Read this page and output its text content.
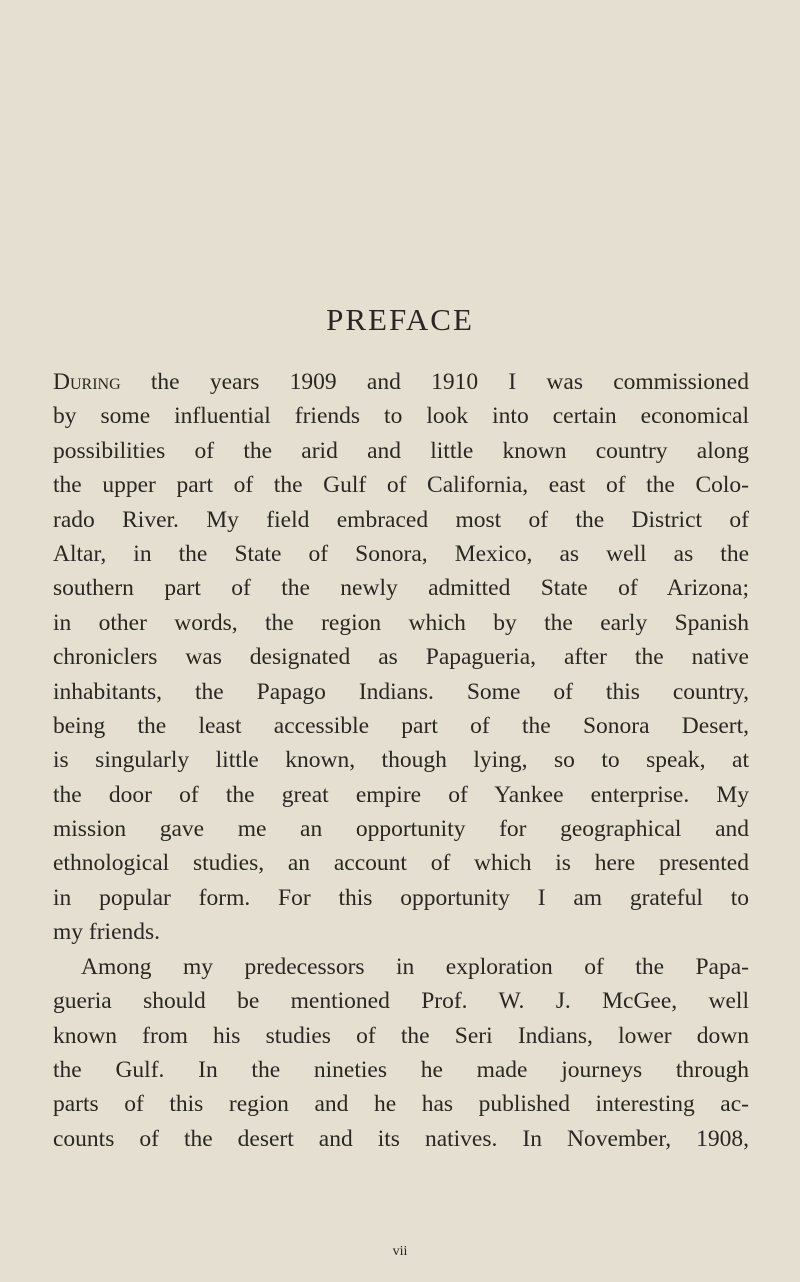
PREFACE
During the years 1909 and 1910 I was commissioned
by some influential friends to look into certain economical
possibilities of the arid and little known country along
the upper part of the Gulf of California, east of the Colo-
rado River. My field embraced most of the District of
Altar, in the State of Sonora, Mexico, as well as the
southern part of the newly admitted State of Arizona;
in other words, the region which by the early Spanish
chroniclers was designated as Papagueria, after the native
inhabitants, the Papago Indians. Some of this country,
being the least accessible part of the Sonora Desert,
is singularly little known, though lying, so to speak, at
the door of the great empire of Yankee enterprise. My
mission gave me an opportunity for geographical and
ethnological studies, an account of which is here presented
in popular form. For this opportunity I am grateful to
my friends.
Among my predecessors in exploration of the Papa-
gueria should be mentioned Prof. W. J. McGee, well
known from his studies of the Seri Indians, lower down
the Gulf. In the nineties he made journeys through
parts of this region and he has published interesting ac-
counts of the desert and its natives. In November, 1908,
vii
